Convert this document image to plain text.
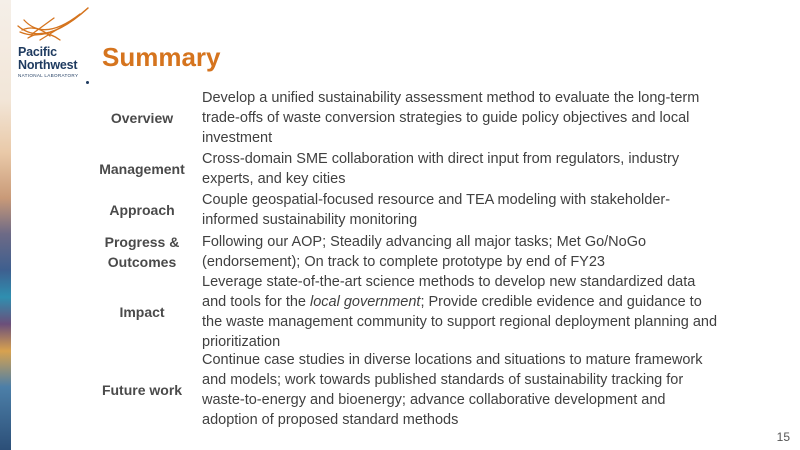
Pacific
Northwest
NATIONAL LABORATORY
Summary
Overview
Develop a unified sustainability assessment method to evaluate the long-term trade-offs of waste conversion strategies to guide policy objectives and local investment
Management
Cross-domain SME collaboration with direct input from regulators, industry experts, and key cities
Approach
Couple geospatial-focused resource and TEA modeling with stakeholder-informed sustainability monitoring
Progress & Outcomes
Following our AOP; Steadily advancing all major tasks; Met Go/NoGo (endorsement); On track to complete prototype by end of FY23
Impact
Leverage state-of-the-art science methods to develop new standardized data and tools for the local government; Provide credible evidence and guidance to the waste management community to support regional deployment planning and prioritization
Future work
Continue case studies in diverse locations and situations to mature framework and models; work towards published standards of sustainability tracking for waste-to-energy and bioenergy; advance collaborative development and adoption of proposed standard methods
15
